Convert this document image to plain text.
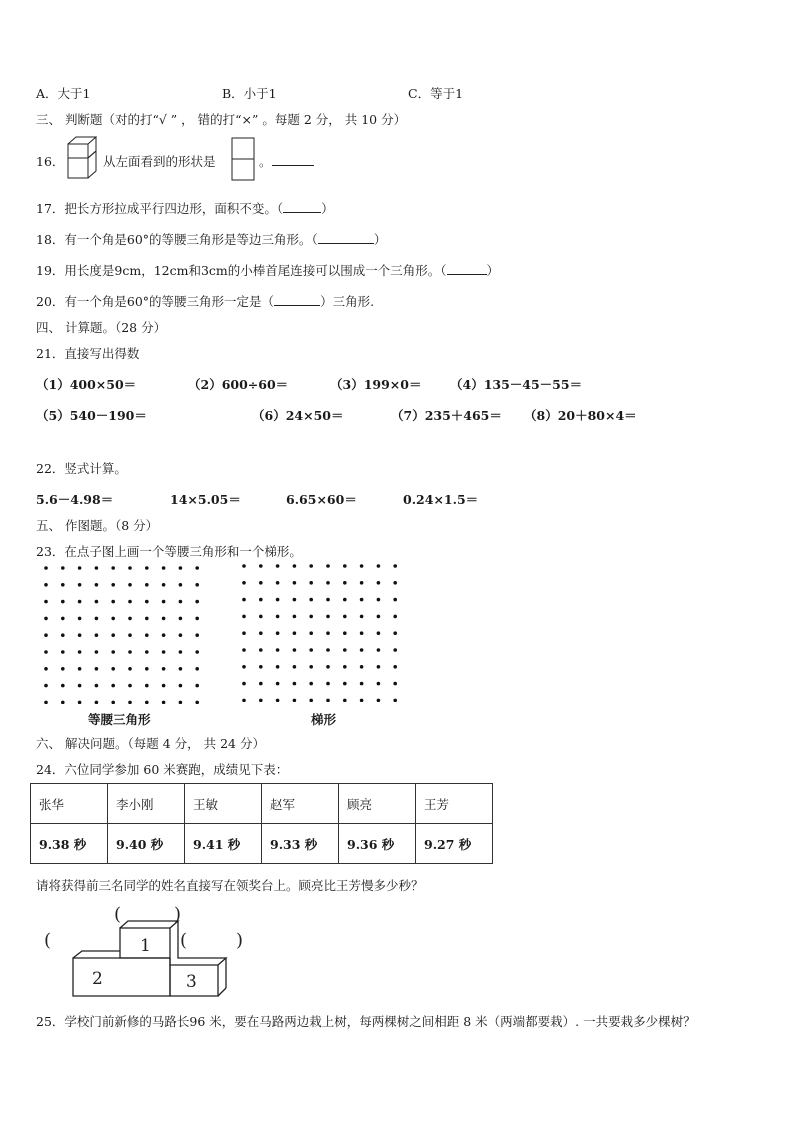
A．大于1	B．小于1	C．等于1
三、 判断题（对的打“√ ” ， 错的打“×” 。每题 2 分， 共 10 分）
16．	从左面看到的形状是	。
17．把长方形拉成平行四边形，面积不变。（	）
18．有一个角是60°的等腰三角形是等边三角形。（	）
19．用长度是9cm，12cm和3cm的小棒首尾连接可以围成一个三角形。（	）
20．有一个角是60°的等腰三角形一定是（	）三角形.
四、 计算题。（28 分）
21．直接写出得数
（1）400×50＝	（2）600÷60＝	（3）199×0＝ （4）135－45－55＝
（5）540－190＝	（6）24×50＝	（7）235＋465＝ （8）20＋80×4＝
22．竖式计算。
5.6－4.98＝	14×5.05＝	6.65×60＝	0.24×1.5＝
五、 作图题。（8 分）
23．在点子图上画一个等腰三角形和一个梯形。
等腰三角形	梯形
六、 解决问题。（每题 4 分， 共 24 分）
24．六位同学参加 60 米赛跑，成绩见下表：
张华	李小刚	王敏	赵军	顾亮	王芳
9.38 秒	9.40 秒	9.41 秒	9.33 秒	9.36 秒	9.27 秒
请将获得前三名同学的姓名直接写在领奖台上。顾亮比王芳慢多少秒？
1
2	3
(
(	)
(	)
25．学校门前新修的马路长96 米，要在马路两边栽上树，每两棵树之间相距 8 米（两端都要栽）. 一共要栽多少棵树？
